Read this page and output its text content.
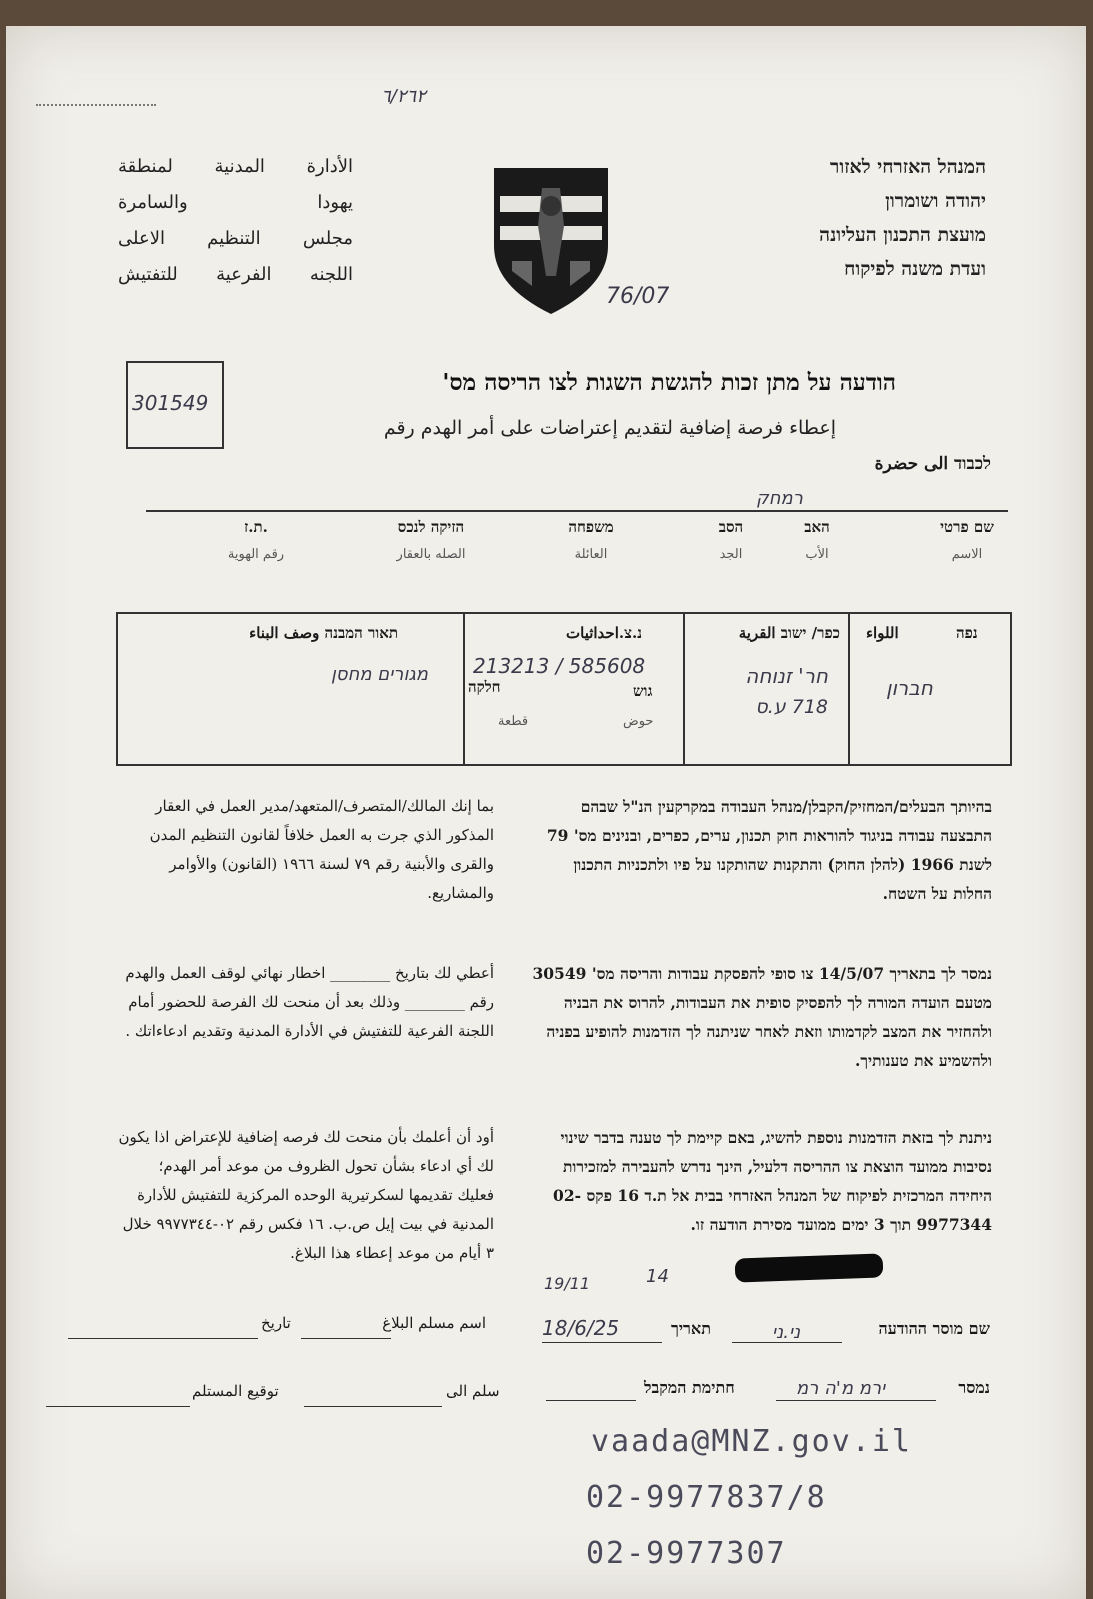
٦/٢٦٢
המנהל האזרחי לאזור
יהודה ושומרון
מועצת התכנון העליונה
ועדת משנה לפיקוח
الأدارة
المدنية
لمنطقة
يهودا
والسامرة
مجلس
التنظيم
الاعلى
اللجنه
الفرعية
للتفتيش
76/07
301549
הודעה על מתן זכות להגשת השגות לצו הריסה מס'
إعطاء فرصة إضافية لتقديم إعتراضات على أمر الهدم رقم
לכבוד الى حضرة
רמחק
שם פרטי
الاسم
האב
الأب
הסב
الجد
משפחה
العائلة
הזיקה לנכס
الصله بالعقار
ת.ז.
رقم الهوية
נפה
اللواء
חברון
כפר/ ישוב القرية
חר' זנוחה
718 ע.ס
נ.צ.احداثيات
213213 / 585608
גוש
חלקה
حوض
قطعة
תאור המבנה وصف البناء
מגורים מחסן
בהיותך הבעלים/המחזיק/הקבלן/מנהל העבודה במקרקעין הנ"ל שבהם התבצעה עבודה בניגוד להוראות חוק תכנון, ערים, כפרים, ובנינים מס' 79 לשנת 1966 (להלן החוק) והתקנות שהותקנו על פיו ולתכניות התכנון החלות על השטח.
بما إنك المالك/المتصرف/المتعهد/مدير العمل في العقار المذكور الذي جرت به العمل خلافاً لقانون التنظيم المدن والقرى والأبنية رقم ٧٩ لسنة ١٩٦٦ (القانون) والأوامر والمشاريع.
נמסר לך בתאריך 14/5/07 צו סופי להפסקת עבודות והריסה מס' 30549 מטעם הועדה המורה לך להפסיק סופית את העבודות, להרוס את הבניה ולהחזיר את המצב לקדמותו וזאת לאחר שניתנה לך הזדמנות להופיע בפניה ולהשמיע את טענותיך.
أعطي لك بتاريخ ________ اخطار نهائي لوقف العمل والهدم رقم ________ وذلك بعد أن منحت لك الفرصة للحضور أمام اللجنة الفرعية للتفتيش في الأدارة المدنية وتقديم ادعاءاتك .
ניתנת לך בזאת הזדמנות נוספת להשיג, באם קיימת לך טענה בדבר שינוי נסיבות ממועד הוצאת צו ההריסה דלעיל, הינך נדרש להעבירה למזכירות היחידה המרכזית לפיקוח של המנהל האזרחי בבית אל ת.ד 16 פקס 02-9977344 תוך 3 ימים ממועד מסירת הודעה זו.
أود أن أعلمك بأن منحت لك فرصه إضافية للإعتراض اذا يكون لك أي ادعاء بشأن تحول الظروف من موعد أمر الهدم؛ فعليك تقديمها لسكرتيرية الوحده المركزية للتفتيش للأدارة المدنية في بيت إيل ص.ب. ١٦ فكس رقم ٠٢-٩٩٧٧٣٤٤ خلال ٣ أيام من موعد إعطاء هذا البلاغ.
19/11	14
שם מוסר ההודעה
ני.ני
תאריך
18/6/25
נמסר
ירמ מ'ה רמ
חתימת המקבל
اسم مسلم البلاغ
تاريخ
سلم الى
توقيع المستلم
vaada@MNZ.gov.il
02-9977837/8
02-9977307
